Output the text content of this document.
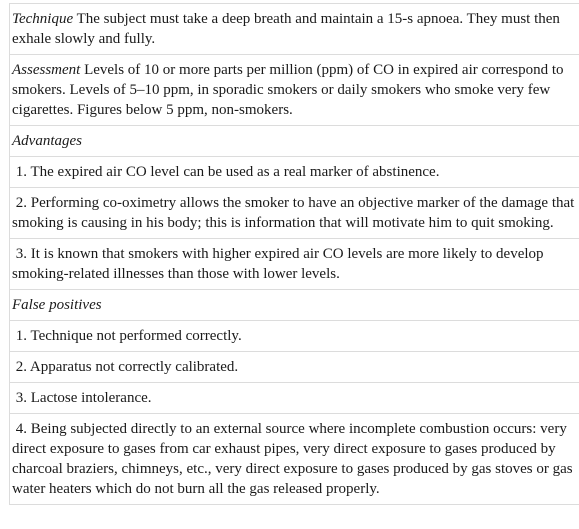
Technique The subject must take a deep breath and maintain a 15-s apnoea. They must then exhale slowly and fully.
Assessment Levels of 10 or more parts per million (ppm) of CO in expired air correspond to smokers. Levels of 5–10 ppm, in sporadic smokers or daily smokers who smoke very few cigarettes. Figures below 5 ppm, non-smokers.
Advantages
1. The expired air CO level can be used as a real marker of abstinence.
2. Performing co-oximetry allows the smoker to have an objective marker of the damage that smoking is causing in his body; this is information that will motivate him to quit smoking.
3. It is known that smokers with higher expired air CO levels are more likely to develop smoking-related illnesses than those with lower levels.
False positives
1. Technique not performed correctly.
2. Apparatus not correctly calibrated.
3. Lactose intolerance.
4. Being subjected directly to an external source where incomplete combustion occurs: very direct exposure to gases from car exhaust pipes, very direct exposure to gases produced by charcoal braziers, chimneys, etc., very direct exposure to gases produced by gas stoves or gas water heaters which do not burn all the gas released properly.
